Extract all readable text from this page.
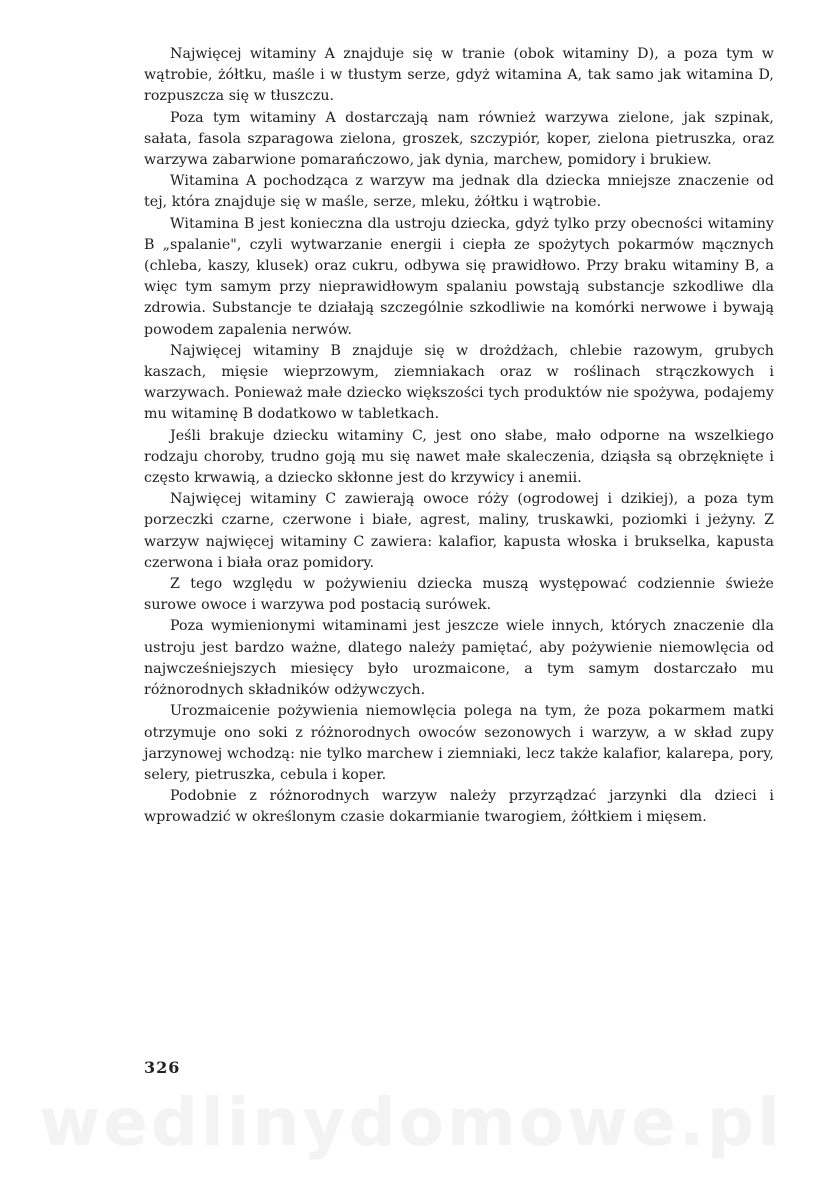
Najwięcej witaminy A znajduje się w tranie (obok witaminy D), a poza tym w wątrobie, żółtku, maśle i w tłustym serze, gdyż witamina A, tak samo jak witamina D, rozpuszcza się w tłuszczu.

Poza tym witaminy A dostarczają nam również warzywa zielone, jak szpinak, sałata, fasola szparagowa zielona, groszek, szczypiór, koper, zielona pietruszka, oraz warzywa zabarwione pomarańczowo, jak dynia, marchew, pomidory i brukiew.

Witamina A pochodząca z warzyw ma jednak dla dziecka mniejsze znaczenie od tej, która znajduje się w maśle, serze, mleku, żółtku i wątrobie.

Witamina B jest konieczna dla ustroju dziecka, gdyż tylko przy obecności witaminy B „spalanie", czyli wytwarzanie energii i ciepła ze spożytych pokarmów mącznych (chleba, kaszy, klusek) oraz cukru, odbywa się prawidłowo. Przy braku witaminy B, a więc tym samym przy nieprawidłowym spalaniu powstają substancje szkodliwe dla zdrowia. Substancje te działają szczególnie szkodliwie na komórki nerwowe i bywają powodem zapalenia nerwów.

Najwięcej witaminy B znajduje się w drożdżach, chlebie razowym, grubych kaszach, mięsie wieprzowym, ziemniakach oraz w roślinach strączkowych i warzywach. Ponieważ małe dziecko większości tych produktów nie spożywa, podajemy mu witaminę B dodatkowo w tabletkach.

Jeśli brakuje dziecku witaminy C, jest ono słabe, mało odporne na wszelkiego rodzaju choroby, trudno goją mu się nawet małe skaleczenia, dziąsła są obrzęknięte i często krwawią, a dziecko skłonne jest do krzywicy i anemii.

Najwięcej witaminy C zawierają owoce róży (ogrodowej i dzikiej), a poza tym porzeczki czarne, czerwone i białe, agrest, maliny, truskawki, poziomki i jeżyny. Z warzyw najwięcej witaminy C zawiera: kalafior, kapusta włoska i brukselka, kapusta czerwona i biała oraz pomidory.

Z tego względu w pożywieniu dziecka muszą występować codziennie świeże surowe owoce i warzywa pod postacią surówek.

Poza wymienionymi witaminami jest jeszcze wiele innych, których znaczenie dla ustroju jest bardzo ważne, dlatego należy pamiętać, aby pożywienie niemowlęcia od najwcześniejszych miesięcy było urozmaicone, a tym samym dostarczało mu różnorodnych składników odżywczych.

Urozmaicenie pożywienia niemowlęcia polega na tym, że poza pokarmem matki otrzymuje ono soki z różnorodnych owoców sezonowych i warzyw, a w skład zupy jarzynowej wchodzą: nie tylko marchew i ziemniaki, lecz także kalafior, kalarepa, pory, selery, pietruszka, cebula i koper.

Podobnie z różnorodnych warzyw należy przyrządzać jarzynki dla dzieci i wprowadzić w określonym czasie dokarmianie twarogiem, żółtkiem i mięsem.

326
wedlinydomowe.pl
